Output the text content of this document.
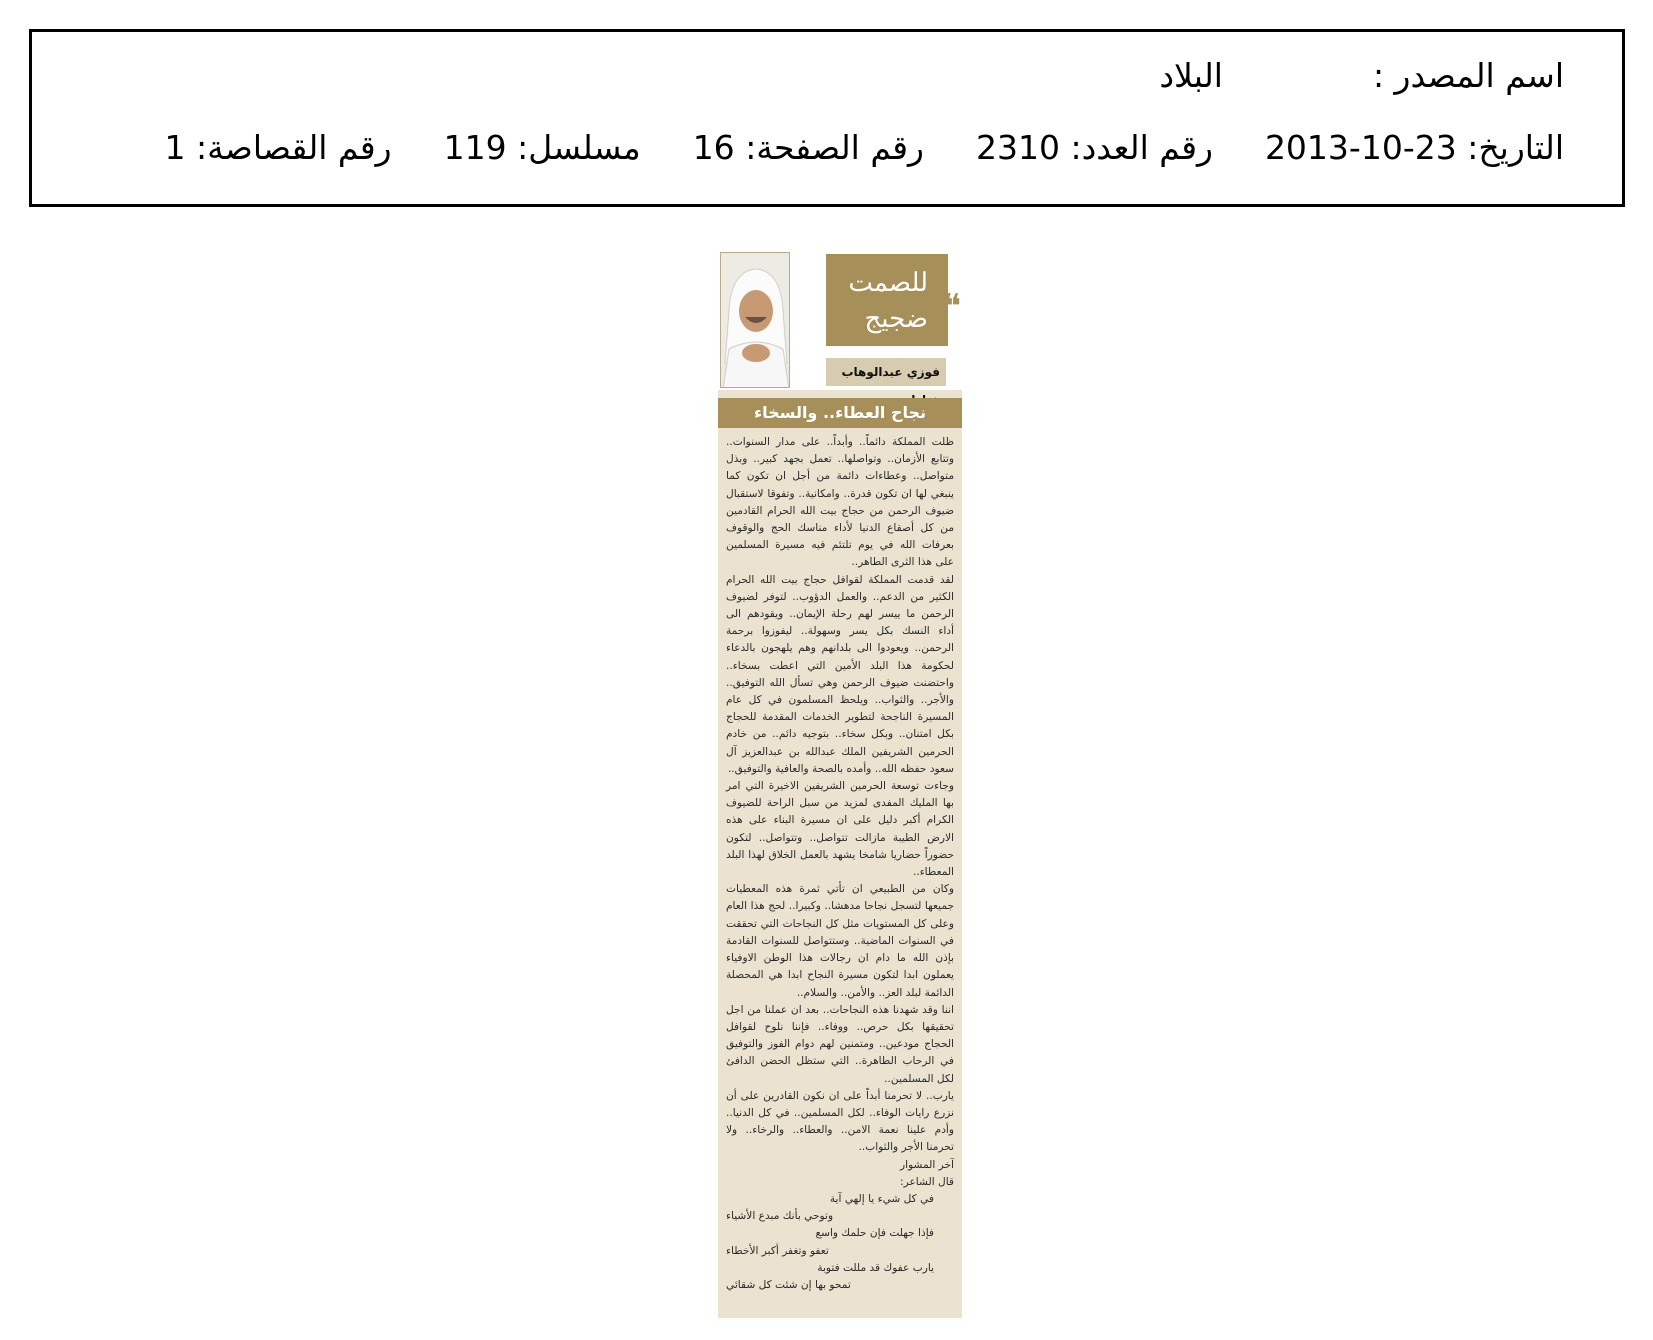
اسم المصدر :البلاد
التاريخ: 2013-10-23رقم العدد: 2310رقم الصفحة: 16مسلسل: 119رقم القصاصة: 1
للصمت
ضجيج ❝
فوزي عبدالوهاب
نجاح العطاء.. والسخاء

ظلت المملكة دائماً.. وأبداً.. على مدار السنوات.. وتتابع الأزمان.. وتواصلها.. تعمل بجهد كبير.. وبذل متواصل.. وعطاءات دائمة من أجل ان تكون كما ينبغي لها ان تكون قدرة.. وامكانية.. وتفوقا لاستقبال ضيوف الرحمن من حجاج بيت الله الحرام القادمين من كل أصقاع الدنيا لأداء مناسك الحج والوقوف بعرفات الله في يوم تلتئم فيه مسيرة المسلمين على هذا الثرى الطاهر..

لقد قدمت المملكة لقوافل حجاج بيت الله الحرام الكثير من الدعم.. والعمل الدؤوب.. لتوفر لضيوف الرحمن ما ييسر لهم رحلة الإيمان.. ويقودهم الى أداء النسك بكل يسر وسهولة.. ليفوزوا برحمة الرحمن.. ويعودوا الى بلدانهم وهم يلهجون بالدعاء لحكومة هذا البلد الأمين التي اعطت بسخاء.. واحتضنت ضيوف الرحمن وهي تسأل الله التوفيق.. والأجر.. والثواب.. ويلحظ المسلمون في كل عام المسيرة الناجحة لتطوير الخدمات المقدمة للحجاج بكل امتنان.. وبكل سخاء.. بتوجيه دائم.. من خادم الحرمين الشريفين الملك عبدالله بن عبدالعزيز آل سعود حفظه الله.. وأمده بالصحة والعافية والتوفيق..

وجاءت توسعة الحرمين الشريفين الاخيرة التي امر بها المليك المفدى لمزيد من سبل الراحة للضيوف الكرام أكبر دليل على ان مسيرة البناء على هذه الارض الطيبة مازالت تتواصل.. وتتواصل.. لتكون حضوراً حضاريا شامخا يشهد بالعمل الخلاق لهذا البلد المعطاء..

وكان من الطبيعي ان تأتي ثمرة هذه المعطيات جميعها لتسجل نجاحا مدهشا.. وكبيرا.. لحج هذا العام وعلى كل المستويات مثل كل النجاحات التي تحققت في السنوات الماضية.. وستتواصل للسنوات القادمة بإذن الله ما دام ان رجالات هذا الوطن الاوفياء يعملون ابدا لتكون مسيرة النجاح ابدا هي المحصلة الدائمة لبلد العز.. والأمن.. والسلام..

اننا وقد شهدنا هذه النجاحات.. بعد ان عملنا من اجل تحقيقها بكل حرص.. ووفاء.. فإننا نلوح لقوافل الحجاج مودعين.. ومتمنين لهم دوام الفوز والتوفيق في الرحاب الطاهرة.. التي ستظل الحضن الدافئ لكل المسلمين..

يارب.. لا تحرمنا أبداً على ان نكون القادرين على أن نزرع رايات الوفاء.. لكل المسلمين.. في كل الدنيا.. وأدم علينا نعمة الامن.. والعطاء.. والرخاء.. ولا تحرمنا الأجر والثواب..

آخر المشوار

قال الشاعر:

في كل شيء يا إلهي آية

وتوحي بأنك مبدع الأشياء

فإذا جهلت فإن حلمك واسع

تعفو وتغفر أكبر الأخطاء

يارب عفوك قد مللت فتوبة

تمحو بها إن شئت كل شقائي
